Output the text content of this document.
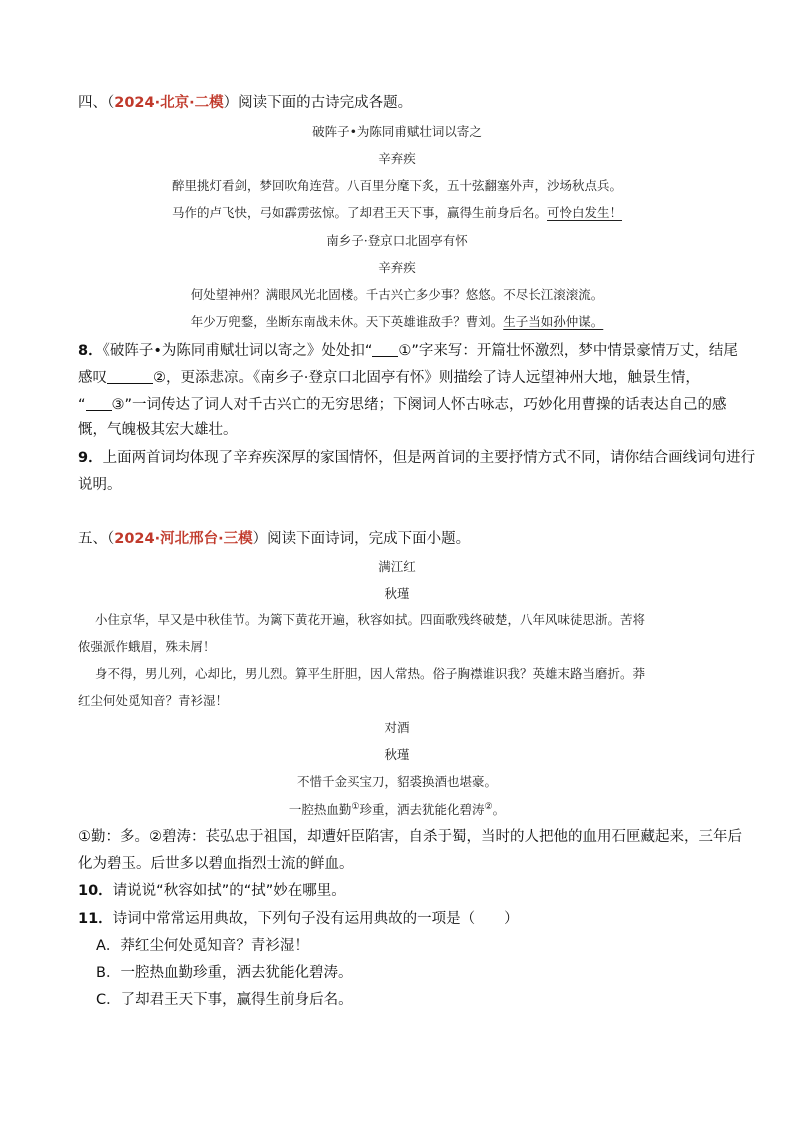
四、（2024·北京·二模）阅读下面的古诗完成各题。
破阵子•为陈同甫赋壮词以寄之
辛弃疾
醉里挑灯看剑，梦回吹角连营。八百里分麾下炙，五十弦翻塞外声，沙场秋点兵。
马作的卢飞快，弓如霹雳弦惊。了却君王天下事，赢得生前身后名。可怜白发生！
南乡子·登京口北固亭有怀
辛弃疾
何处望神州？满眼风光北固楼。千古兴亡多少事？悠悠。不尽长江滚滚流。
年少万兜鍪，坐断东南战未休。天下英雄谁敌手？曹刘。生子当如孙仲谋。
8．《破阵子•为陈同甫赋壮词以寄之》处处扣“ ①”字来写：开篇壮怀激烈，梦中情景豪情万丈，结尾
感叹	②，更添悲凉。《南乡子·登京口北固亭有怀》则描绘了诗人远望神州大地，触景生情，
“ ③”一词传达了词人对千古兴亡的无穷思绪；下阕词人怀古咏志，巧妙化用曹操的话表达自己的感
慨，气魄极其宏大雄壮。
9．上面两首词均体现了辛弃疾深厚的家国情怀，但是两首词的主要抒情方式不同，请你结合画线词句进行
说明。
五、（2024·河北邢台·三模）阅读下面诗词，完成下面小题。
满江红
秋瑾
小住京华，早又是中秋佳节。为篱下黄花开遍，秋容如拭。四面歌残终破楚，八年风味徒思浙。苦将
侬强派作蛾眉，殊未屑！
身不得，男儿列，心却比，男儿烈。算平生肝胆，因人常热。俗子胸襟谁识我？英雄末路当磨折。莽
红尘何处觅知音？青衫湿！
对酒
秋瑾
不惜千金买宝刀，貂裘换酒也堪豪。
一腔热血勤①珍重，洒去犹能化碧涛②。
①勤：多。②碧涛：苌弘忠于祖国，却遭奸臣陷害，自杀于蜀，当时的人把他的血用石匣藏起来，三年后
化为碧玉。后世多以碧血指烈士流的鲜血。
10．请说说“秋容如拭”的“拭”妙在哪里。
11．诗词中常常运用典故，下列句子没有运用典故的一项是（　　）
A．莽红尘何处觅知音？青衫湿！
B．一腔热血勤珍重，洒去犹能化碧涛。
C．了却君王天下事，赢得生前身后名。
